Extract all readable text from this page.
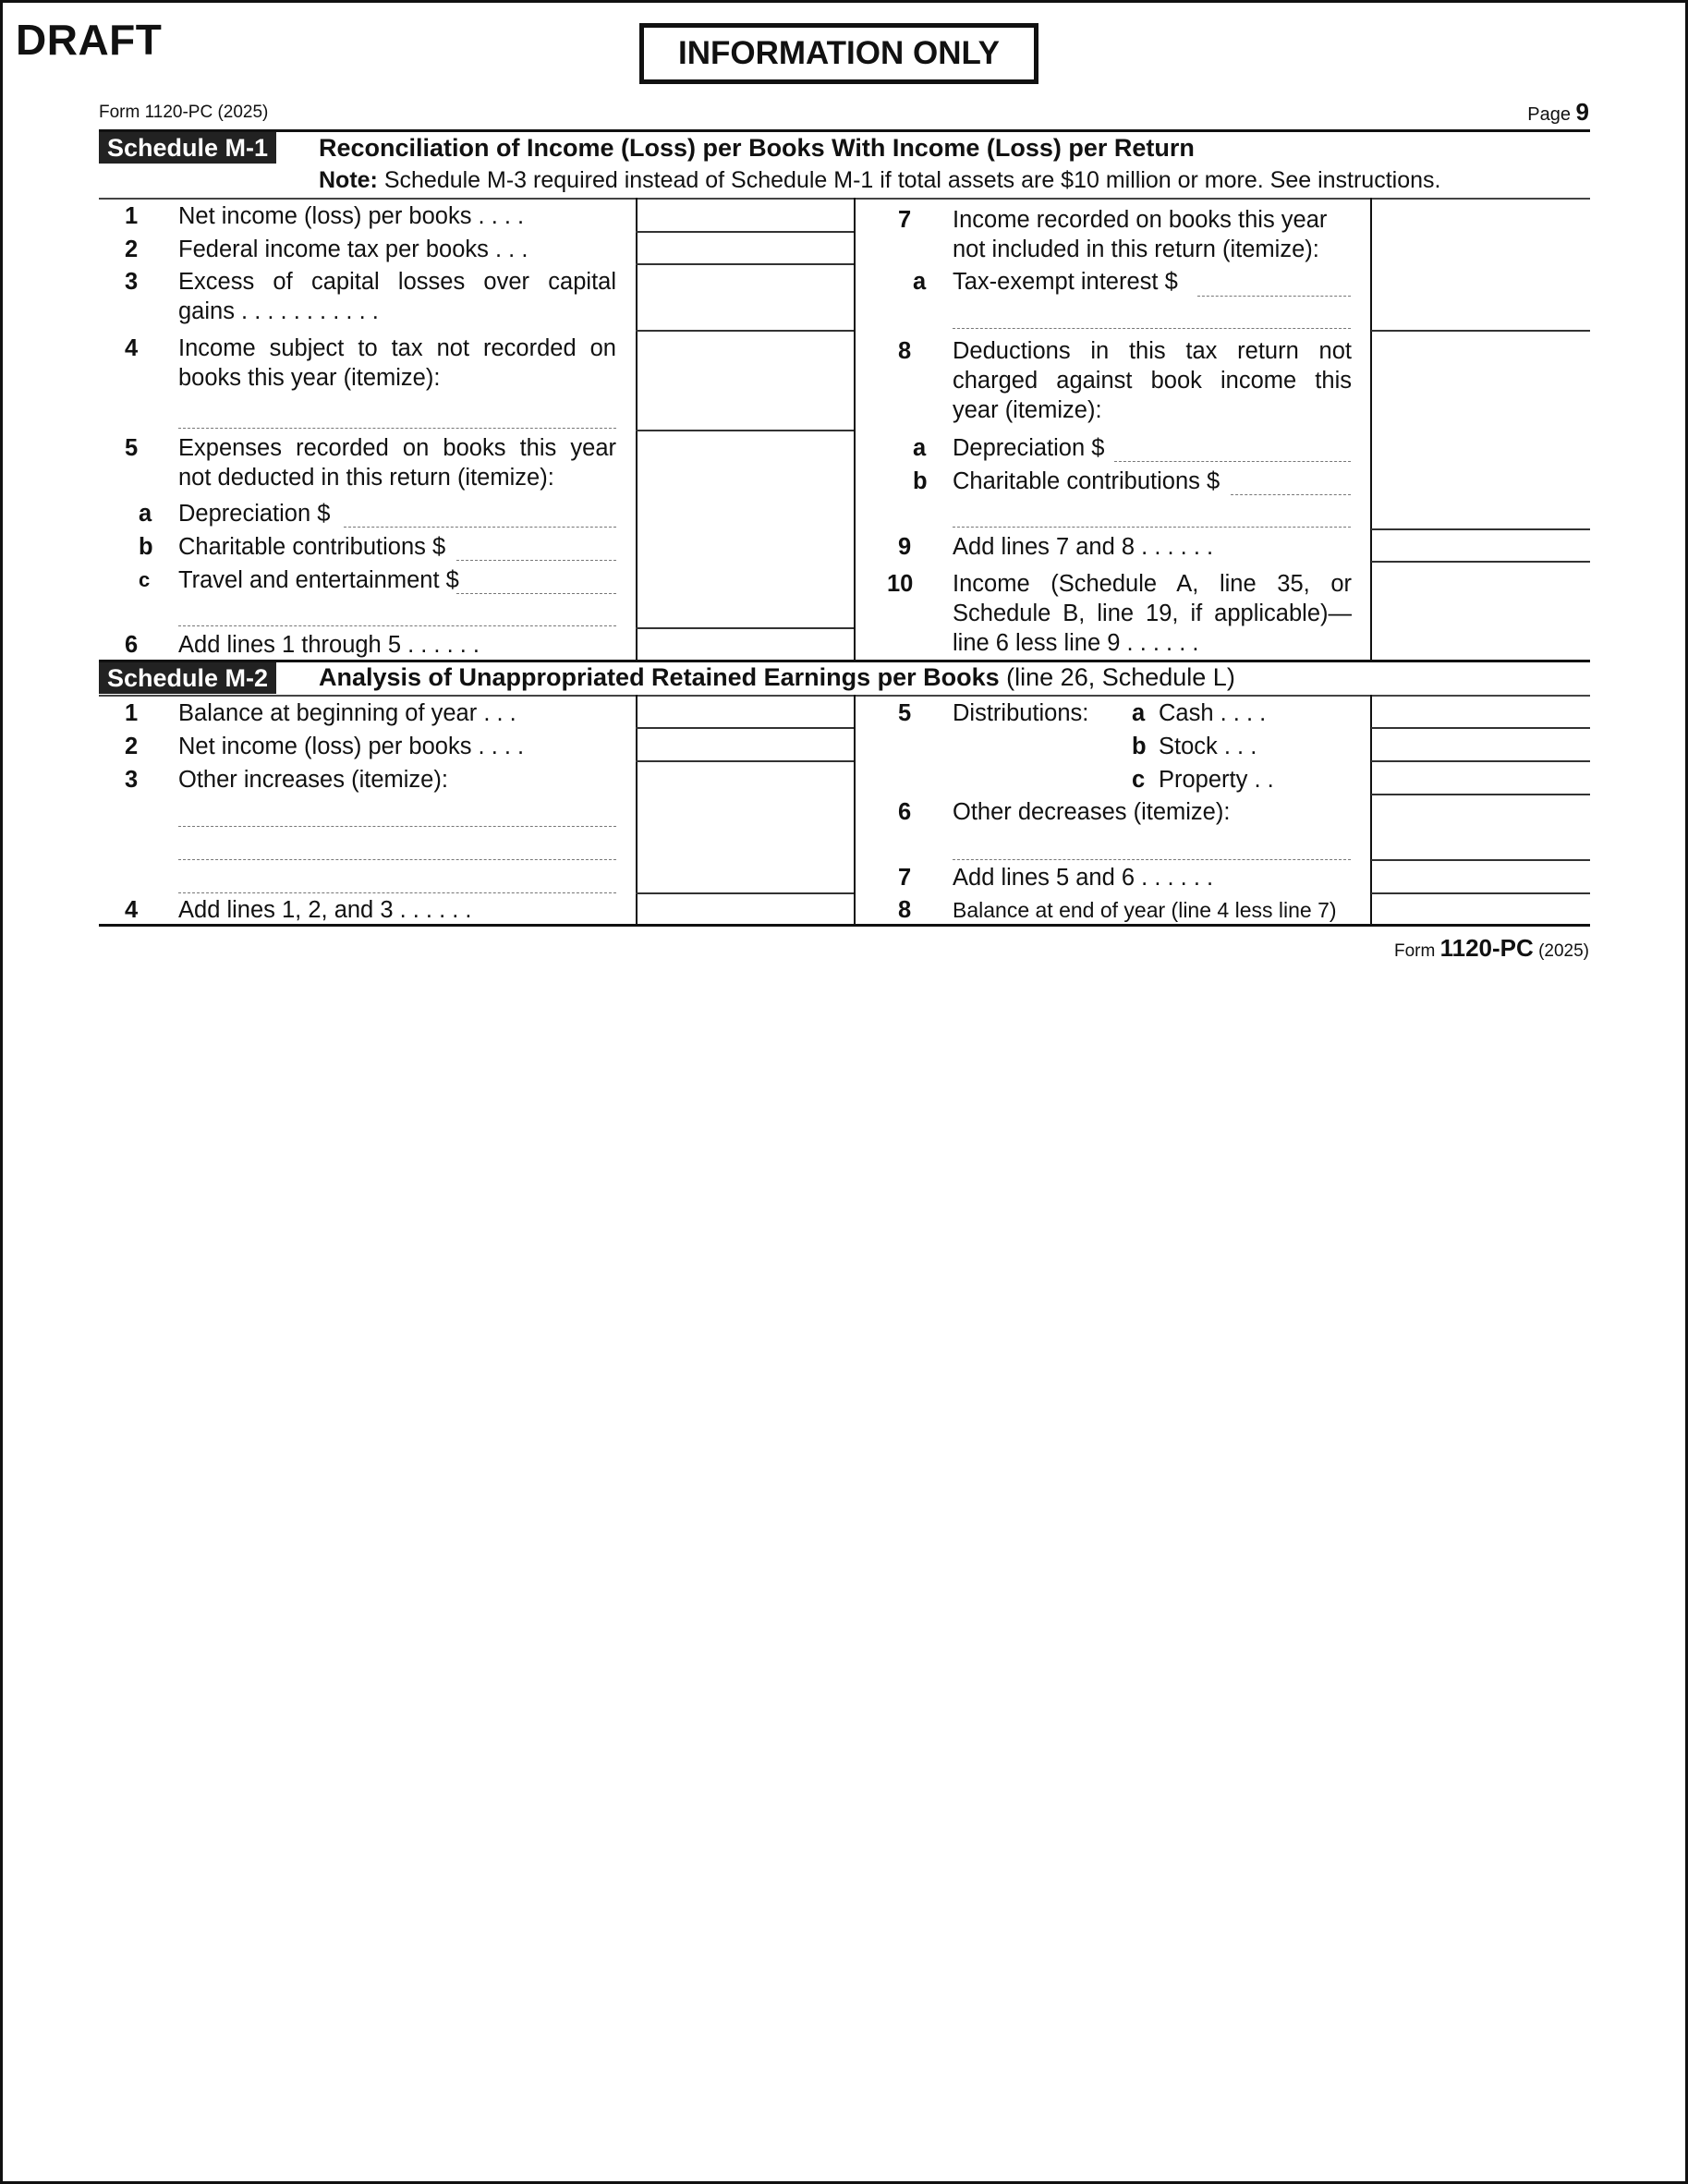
DRAFT	INFORMATION ONLY
Form 1120-PC (2025)	Page 9
Schedule M-1	Reconciliation of Income (Loss) per Books With Income (Loss) per Return
Note: Schedule M-3 required instead of Schedule M-1 if total assets are $10 million or more. See instructions.
1 Net income (loss) per books . . . .
2 Federal income tax per books . . .
3 Excess of capital losses over capital gains . . . . . . . . . . .
4 Income subject to tax not recorded on books this year (itemize):
5 Expenses recorded on books this year not deducted in this return (itemize):
a Depreciation $
b Charitable contributions $
c Travel and entertainment $
6 Add lines 1 through 5 . . . . . .
7 Income recorded on books this year not included in this return (itemize):
a Tax-exempt interest $
8 Deductions in this tax return not charged against book income this year (itemize):
a Depreciation $
b Charitable contributions $
9 Add lines 7 and 8 . . . . . .
10 Income (Schedule A, line 35, or Schedule B, line 19, if applicable)—line 6 less line 9 . . . . . .
Schedule M-2	Analysis of Unappropriated Retained Earnings per Books (line 26, Schedule L)
1 Balance at beginning of year . . .
2 Net income (loss) per books . . . .
3 Other increases (itemize):
4 Add lines 1, 2, and 3 . . . . . .
5 Distributions: a Cash . . . .
b Stock . . .
c Property . .
6 Other decreases (itemize):
7 Add lines 5 and 6 . . . . . .
8 Balance at end of year (line 4 less line 7)
Form 1120-PC (2025)
